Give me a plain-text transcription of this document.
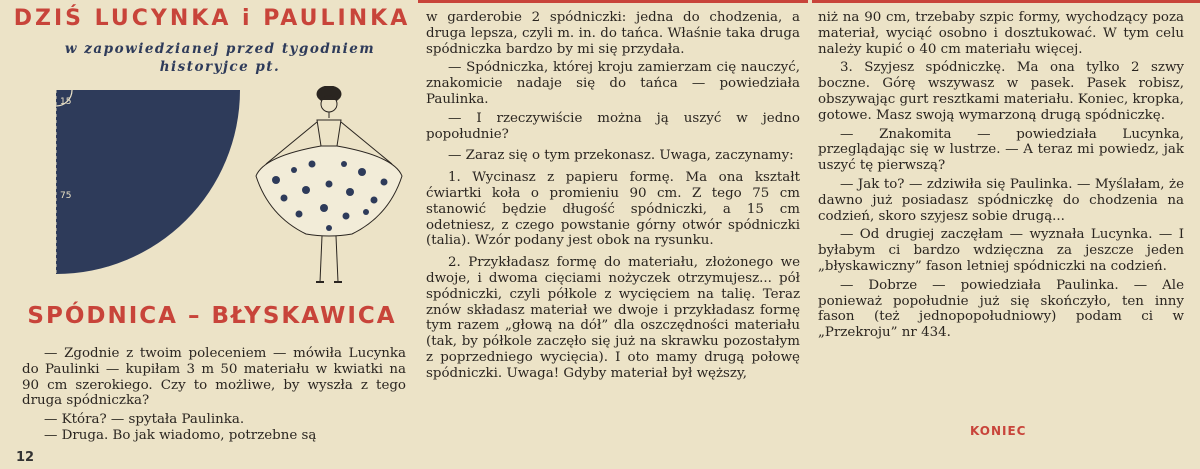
DZIŚ LUCYNKA i PAULINKA
w zapowiedzianej przed tygodniem
historyjce pt.
15
75
SPÓDNICA – BŁYSKAWICA

— Zgodnie z twoim poleceniem — mówiła Lucynka do Paulinki — kupiłam 3 m 50 materiału w kwiatki na 90 cm szerokiego. Czy to możliwe, by wyszła z tego druga spódniczka?

— Która? — spytała Paulinka.

— Druga. Bo jak wiadomo, potrzebne są

w garderobie 2 spódniczki: jedna do chodzenia, a druga lepsza, czyli m. in. do tańca. Właśnie taka druga spódniczka bardzo by mi się przydała.

— Spódniczka, której kroju zamierzam cię nauczyć, znakomicie nadaje się do tańca — powiedziała Paulinka.

— I rzeczywiście można ją uszyć w jedno popołudnie?

— Zaraz się o tym przekonasz. Uwaga, zaczynamy:

1. Wycinasz z papieru formę. Ma ona kształt ćwiartki koła o promieniu 90 cm. Z tego 75 cm stanowić będzie długość spódniczki, a 15 cm odetniesz, z czego powstanie górny otwór spódniczki (talia). Wzór podany jest obok na rysunku.

2. Przykładasz formę do materiału, złożonego we dwoje, i dwoma cięciami nożyczek otrzymujesz... pół spódniczki, czyli półkole z wycięciem na talię. Teraz znów składasz materiał we dwoje i przykładasz formę tym razem „głową na dół” dla oszczędności materiału (tak, by półkole zaczęło się już na skrawku pozostałym z poprzedniego wycięcia). I oto mamy drugą połowę spódniczki. Uwaga! Gdyby materiał był węższy,

niż na 90 cm, trzebaby szpic formy, wychodzący poza materiał, wyciąć osobno i dosztukować. W tym celu należy kupić o 40 cm materiału więcej.

3. Szyjesz spódniczkę. Ma ona tylko 2 szwy boczne. Górę wszywasz w pasek. Pasek robisz, obszywając gurt resztkami materiału. Koniec, kropka, gotowe. Masz swoją wymarzoną drugą spódniczkę.

— Znakomita — powiedziała Lucynka, przeglądając się w lustrze. — A teraz mi powiedz, jak uszyć tę pierwszą?

— Jak to? — zdziwiła się Paulinka. — Myślałam, że dawno już posiadasz spódniczkę do chodzenia na codzień, skoro szyjesz sobie drugą...

— Od drugiej zaczęłam — wyznała Lucynka. — I byłabym ci bardzo wdzięczna za jeszcze jeden „błyskawiczny” fason letniej spódniczki na codzień.

— Dobrze — powiedziała Paulinka. — Ale ponieważ popołudnie już się skończyło, ten inny fason (też jednopopołudniowy) podam ci w „Przekroju” nr 434.

KONIEC
12
